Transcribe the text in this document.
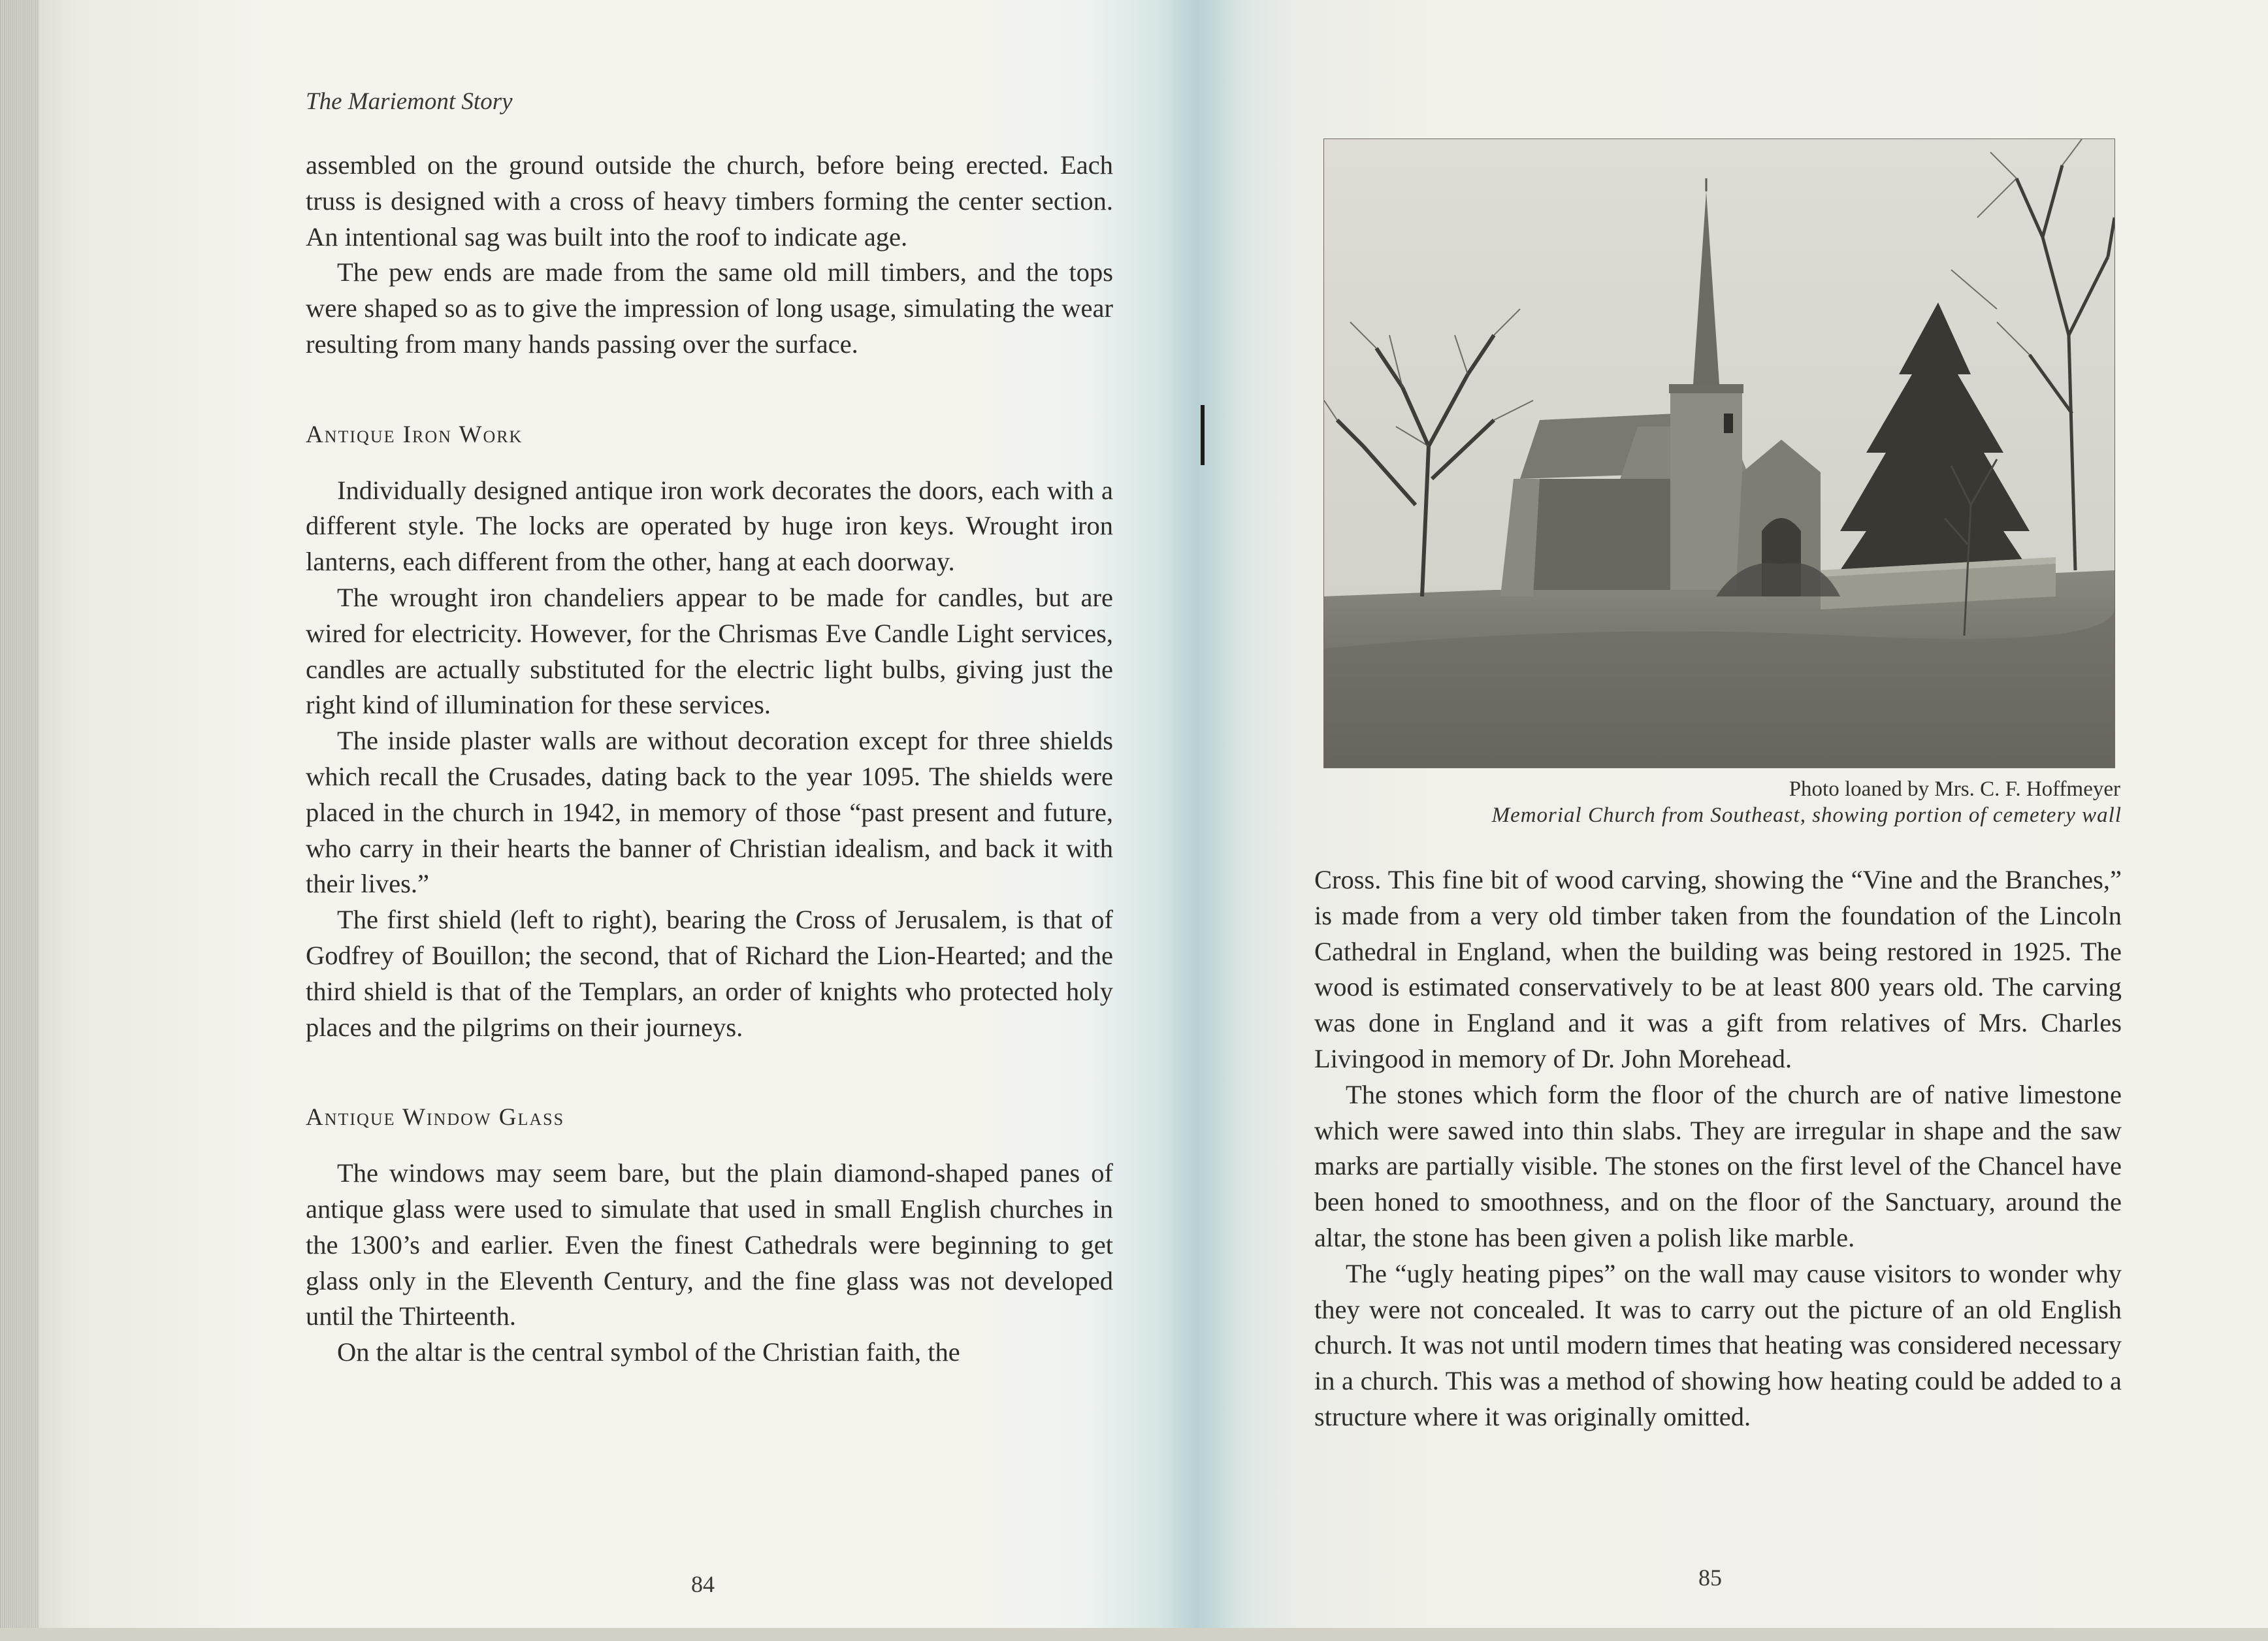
The Mariemont Story

assembled on the ground outside the church, before being erected. Each truss is designed with a cross of heavy timbers forming the center section. An intentional sag was built into the roof to indicate age.

The pew ends are made from the same old mill timbers, and the tops were shaped so as to give the impression of long usage, simulating the wear resulting from many hands passing over the surface.

Antique Iron Work

Individually designed antique iron work decorates the doors, each with a different style. The locks are operated by huge iron keys. Wrought iron lanterns, each different from the other, hang at each doorway.

The wrought iron chandeliers appear to be made for candles, but are wired for electricity. However, for the Chrismas Eve Candle Light services, candles are actually substituted for the electric light bulbs, giving just the right kind of illumination for these services.

The inside plaster walls are without decoration except for three shields which recall the Crusades, dating back to the year 1095. The shields were placed in the church in 1942, in memory of those “past present and future, who carry in their hearts the banner of Christian idealism, and back it with their lives.”

The first shield (left to right), bearing the Cross of Jerusalem, is that of Godfrey of Bouillon; the second, that of Richard the Lion-Hearted; and the third shield is that of the Templars, an order of knights who protected holy places and the pilgrims on their journeys.

Antique Window Glass

The windows may seem bare, but the plain diamond-shaped panes of antique glass were used to simulate that used in small English churches in the 1300’s and earlier. Even the finest Cathedrals were beginning to get glass only in the Eleventh Century, and the fine glass was not developed until the Thirteenth.

On the altar is the central symbol of the Christian faith, the

84
Photo loaned by Mrs. C. F. Hoffmeyer
Memorial Church from Southeast, showing portion of cemetery wall

Cross. This fine bit of wood carving, showing the “Vine and the Branches,” is made from a very old timber taken from the foundation of the Lincoln Cathedral in England, when the building was being restored in 1925. The wood is estimated conservatively to be at least 800 years old. The carving was done in England and it was a gift from relatives of Mrs. Charles Livingood in memory of Dr. John Morehead.

The stones which form the floor of the church are of native limestone which were sawed into thin slabs. They are irregular in shape and the saw marks are partially visible. The stones on the first level of the Chancel have been honed to smoothness, and on the floor of the Sanctuary, around the altar, the stone has been given a polish like marble.

The “ugly heating pipes” on the wall may cause visitors to wonder why they were not concealed. It was to carry out the picture of an old English church. It was not until modern times that heating was considered necessary in a church. This was a method of showing how heating could be added to a structure where it was originally omitted.

85
